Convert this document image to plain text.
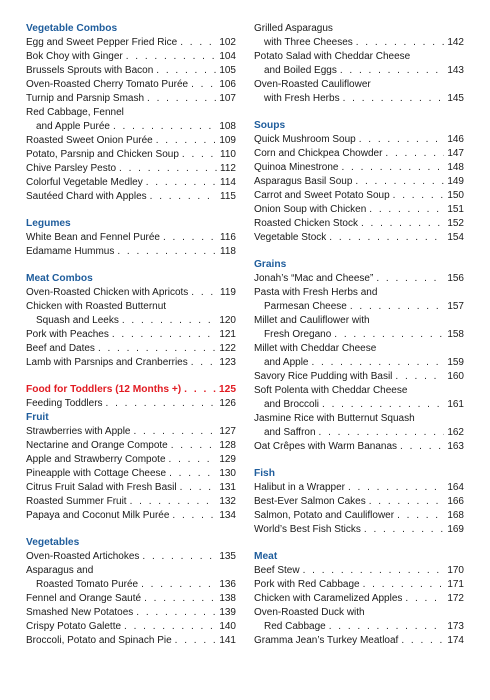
Vegetable Combos
Egg and Sweet Pepper Fried Rice . . .	102
Bok Choy with Ginger . . .	104
Brussels Sprouts with Bacon . . .	105
Oven-Roasted Cherry Tomato Purée . . .	106
Turnip and Parsnip Smash . . .	107
Red Cabbage, Fennel
and Apple Purée . . .	108
Roasted Sweet Onion Purée . . .	109
Potato, Parsnip and Chicken Soup . . .	110
Chive Parsley Pesto . . .	112
Colorful Vegetable Medley . . .	114
Sautéed Chard with Apples . . .	115
Legumes
White Bean and Fennel Purée . . .	116
Edamame Hummus . . .	118
Meat Combos
Oven-Roasted Chicken with Apricots . . .	119
Chicken with Roasted Butternut
Squash and Leeks . . .	120
Pork with Peaches . . .	121
Beef and Dates . . .	122
Lamb with Parsnips and Cranberries . . .	123
Food for Toddlers (12 Months +) . . .	125
Feeding Toddlers . . .	126
Fruit
Strawberries with Apple . . .	127
Nectarine and Orange Compote . . .	128
Apple and Strawberry Compote . . .	129
Pineapple with Cottage Cheese . . .	130
Citrus Fruit Salad with Fresh Basil . . .	131
Roasted Summer Fruit . . .	132
Papaya and Coconut Milk Purée . . .	134
Vegetables
Oven-Roasted Artichokes . . .	135
Asparagus and
Roasted Tomato Purée . . .	136
Fennel and Orange Sauté . . .	138
Smashed New Potatoes . . .	139
Crispy Potato Galette . . .	140
Broccoli, Potato and Spinach Pie . . .	141
Grilled Asparagus
with Three Cheeses . . .	142
Potato Salad with Cheddar Cheese
and Boiled Eggs . . .	143
Oven-Roasted Cauliflower
with Fresh Herbs . . .	145
Soups
Quick Mushroom Soup . . .	146
Corn and Chickpea Chowder . . .	147
Quinoa Minestrone . . .	148
Asparagus Basil Soup . . .	149
Carrot and Sweet Potato Soup . . .	150
Onion Soup with Chicken . . .	151
Roasted Chicken Stock . . .	152
Vegetable Stock . . .	154
Grains
Jonah’s “Mac and Cheese” . . .	156
Pasta with Fresh Herbs and
Parmesan Cheese . . .	157
Millet and Cauliflower with
Fresh Oregano . . .	158
Millet with Cheddar Cheese
and Apple . . .	159
Savory Rice Pudding with Basil . . .	160
Soft Polenta with Cheddar Cheese
and Broccoli . . .	161
Jasmine Rice with Butternut Squash
and Saffron . . .	162
Oat Crêpes with Warm Bananas . . .	163
Fish
Halibut in a Wrapper . . .	164
Best-Ever Salmon Cakes . . .	166
Salmon, Potato and Cauliflower . . .	168
World’s Best Fish Sticks . . .	169
Meat
Beef Stew . . .	170
Pork with Red Cabbage . . .	171
Chicken with Caramelized Apples . . .	172
Oven-Roasted Duck with
Red Cabbage . . .	173
Gramma Jean’s Turkey Meatloaf . . .	174
